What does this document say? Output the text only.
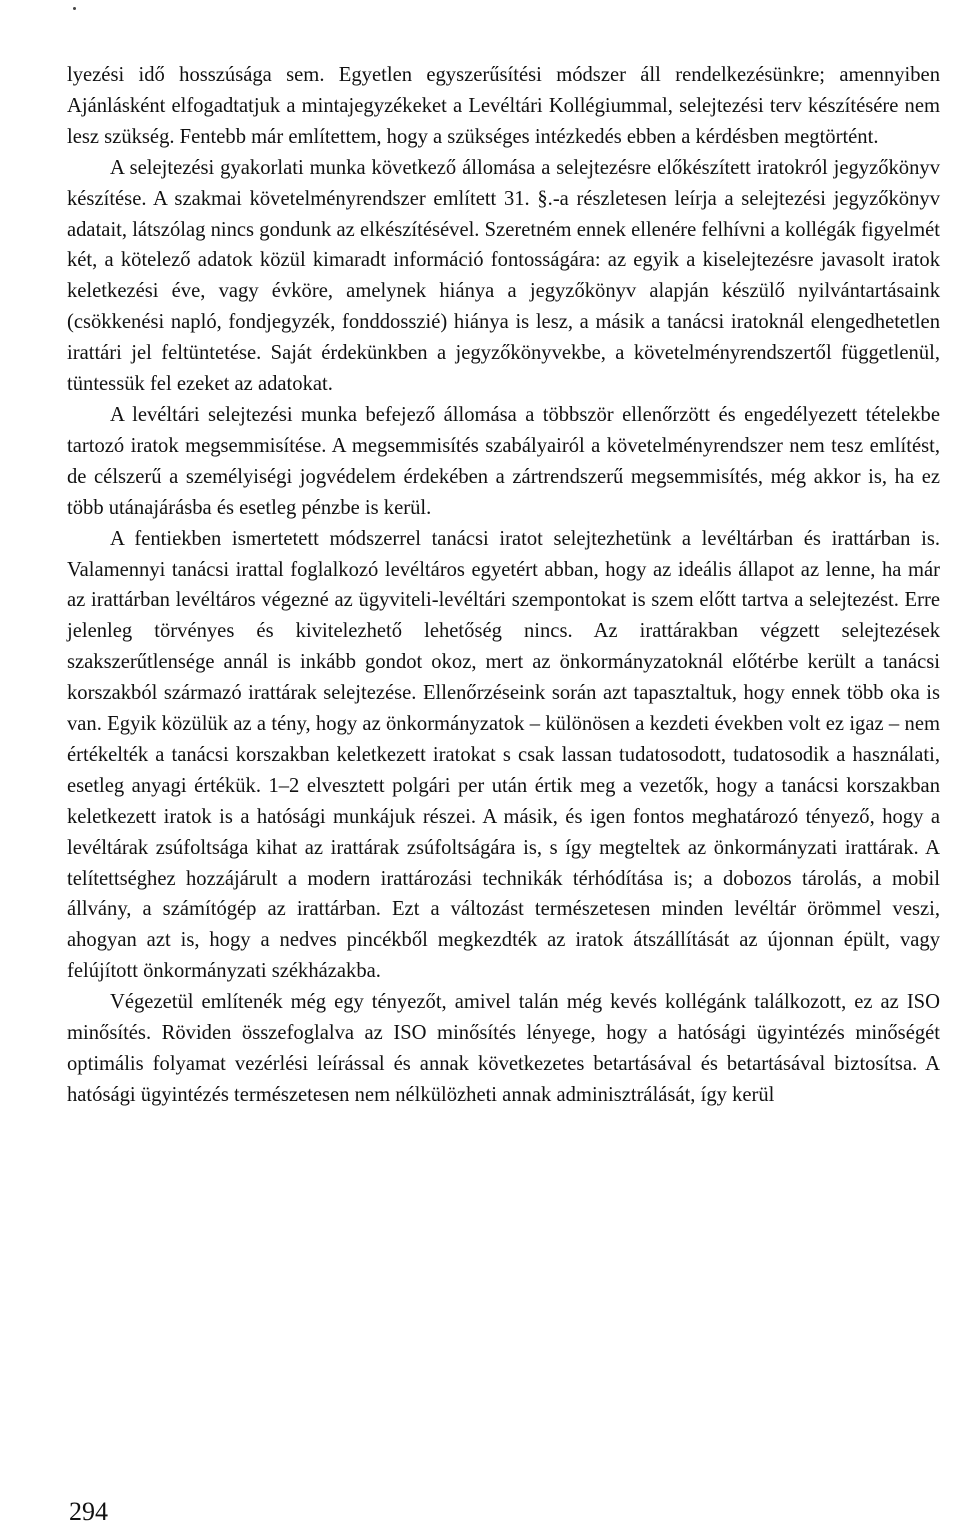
lyezési idő hosszúsága sem. Egyetlen egyszerűsítési módszer áll rendelkezésünkre; amennyiben Ajánlásként elfogadtatjuk a mintajegyzékeket a Levéltári Kollégiummal, selejtezési terv készítésére nem lesz szükség. Fentebb már említettem, hogy a szükséges intézkedés ebben a kérdésben megtörtént.

A selejtezési gyakorlati munka következő állomása a selejtezésre előkészített iratokról jegyzőkönyv készítése. A szakmai követelményrendszer említett 31. §.-a részletesen leírja a selejtezési jegyzőkönyv adatait, látszólag nincs gondunk az elkészítésével. Szeretném ennek ellenére felhívni a kollégák figyelmét két, a kötelező adatok közül kimaradt információ fontosságára: az egyik a kiselejtezésre javasolt iratok keletkezési éve, vagy évköre, amelynek hiánya a jegyzőkönyv alapján készülő nyilvántartásaink (csökkenési napló, fondjegyzék, fonddosszié) hiánya is lesz, a másik a tanácsi iratoknál elengedhetetlen irattári jel feltüntetése. Saját érdekünkben a jegyzőkönyvekbe, a követelményrendszertől függetlenül, tüntessük fel ezeket az adatokat.

A levéltári selejtezési munka befejező állomása a többször ellenőrzött és engedélyezett tételekbe tartozó iratok megsemmisítése. A megsemmisítés szabályairól a követelményrendszer nem tesz említést, de célszerű a személyiségi jogvédelem érdekében a zártrendszerű megsemmisítés, még akkor is, ha ez több utánajárásba és esetleg pénzbe is kerül.

A fentiekben ismertetett módszerrel tanácsi iratot selejtezhetünk a levéltárban és irattárban is. Valamennyi tanácsi irattal foglalkozó levéltáros egyetért abban, hogy az ideális állapot az lenne, ha már az irattárban levéltáros végezné az ügyviteli-levéltári szempontokat is szem előtt tartva a selejtezést. Erre jelenleg törvényes és kivitelezhető lehetőség nincs. Az irattárakban végzett selejtezések szakszerűtlensége annál is inkább gondot okoz, mert az önkormányzatoknál előtérbe került a tanácsi korszakból származó irattárak selejtezése. Ellenőrzéseink során azt tapasztaltuk, hogy ennek több oka is van. Egyik közülük az a tény, hogy az önkormányzatok – különösen a kezdeti években volt ez igaz – nem értékelték a tanácsi korszakban keletkezett iratokat s csak lassan tudatosodott, tudatosodik a használati, esetleg anyagi értékük. 1–2 elvesztett polgári per után értik meg a vezetők, hogy a tanácsi korszakban keletkezett iratok is a hatósági munkájuk részei. A másik, és igen fontos meghatározó tényező, hogy a levéltárak zsúfoltsága kihat az irattárak zsúfoltságára is, s így megteltek az önkormányzati irattárak. A telítettséghez hozzájárult a modern irattározási technikák térhódítása is; a dobozos tárolás, a mobil állvány, a számítógép az irattárban. Ezt a változást természetesen minden levéltár örömmel veszi, ahogyan azt is, hogy a nedves pincékből megkezdték az iratok átszállítását az újonnan épült, vagy felújított önkormányzati székházakba.

Végezetül említenék még egy tényezőt, amivel talán még kevés kollégánk találkozott, ez az ISO minősítés. Röviden összefoglalva az ISO minősítés lényege, hogy a hatósági ügyintézés minőségét optimális folyamat vezérlési leírással és annak következetes betartásával és betartásával biztosítsa. A hatósági ügyintézés természetesen nem nélkülözheti annak adminisztrálását, így kerül

294
